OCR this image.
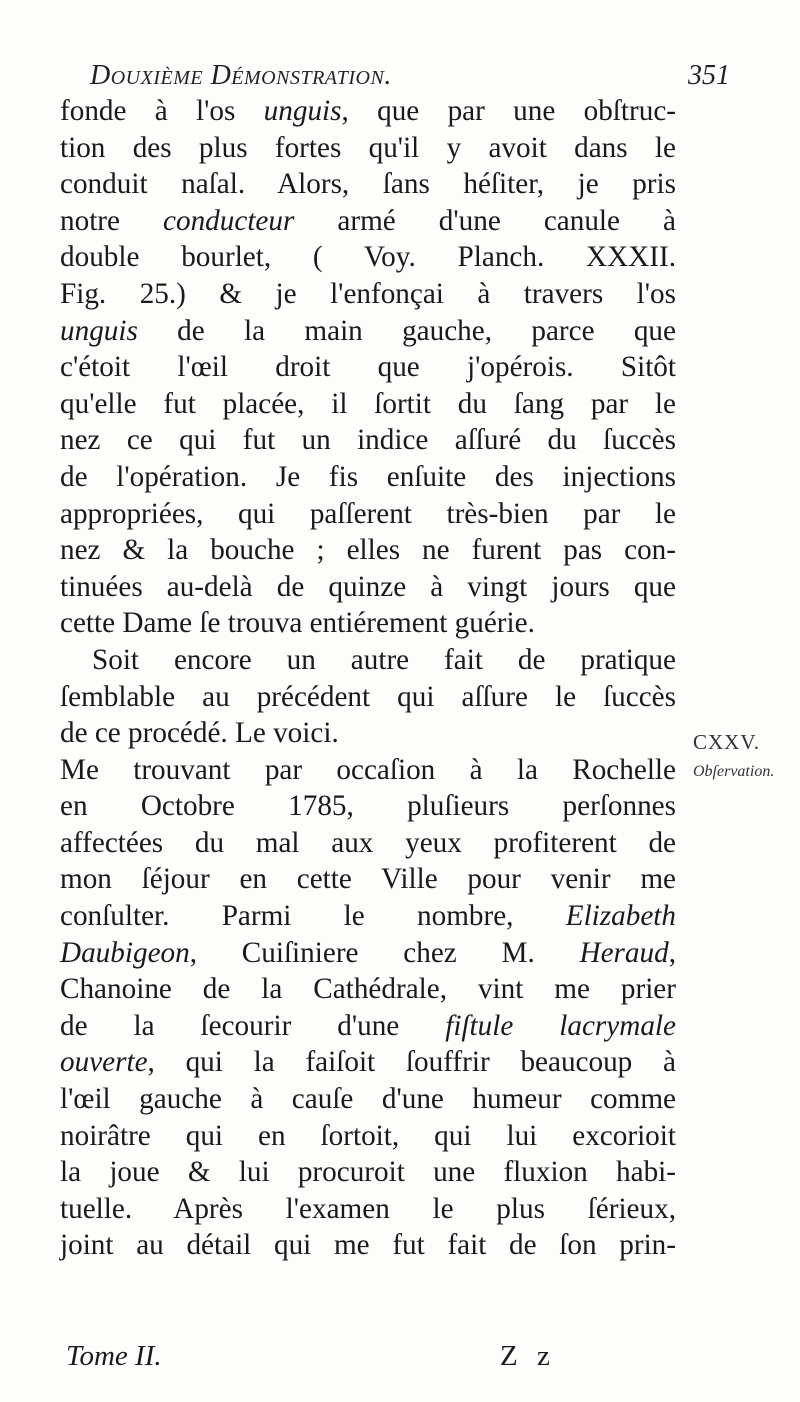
Douxième Démonstration.	351
fonde à l'os unguis, que par une obſtruc-
tion des plus fortes qu'il y avoit dans le
conduit naſal. Alors, ſans héſiter, je pris
notre conducteur armé d'une canule à
double bourlet, ( Voy. Planch. XXXII.
Fig. 25.) & je l'enfonçai à travers l'os
unguis de la main gauche, parce que
c'étoit l'œil droit que j'opérois. Sitôt
qu'elle fut placée, il ſortit du ſang par le
nez ce qui fut un indice aſſuré du ſuccès
de l'opération. Je fis enſuite des injections
appropriées, qui paſſerent très-bien par le
nez & la bouche ; elles ne furent pas con-
tinuées au-delà de quinze à vingt jours que
cette Dame ſe trouva entiérement guérie.
Soit encore un autre fait de pratique
ſemblable au précédent qui aſſure le ſuccès
de ce procédé. Le voici.
Me trouvant par occaſion à la Rochelle
en Octobre 1785, pluſieurs perſonnes
affectées du mal aux yeux profiterent de
mon ſéjour en cette Ville pour venir me
conſulter. Parmi le nombre, Elizabeth
Daubigeon, Cuiſiniere chez M. Heraud,
Chanoine de la Cathédrale, vint me prier
de la ſecourir d'une fiſtule lacrymale
ouverte, qui la faiſoit ſouffrir beaucoup à
l'œil gauche à cauſe d'une humeur comme
noirâtre qui en ſortoit, qui lui excorioit
la joue & lui procuroit une fluxion habi-
tuelle. Après l'examen le plus ſérieux,
joint au détail qui me fut fait de ſon prin-
CXXV.
Obſervation.
Tome II.	Z z
